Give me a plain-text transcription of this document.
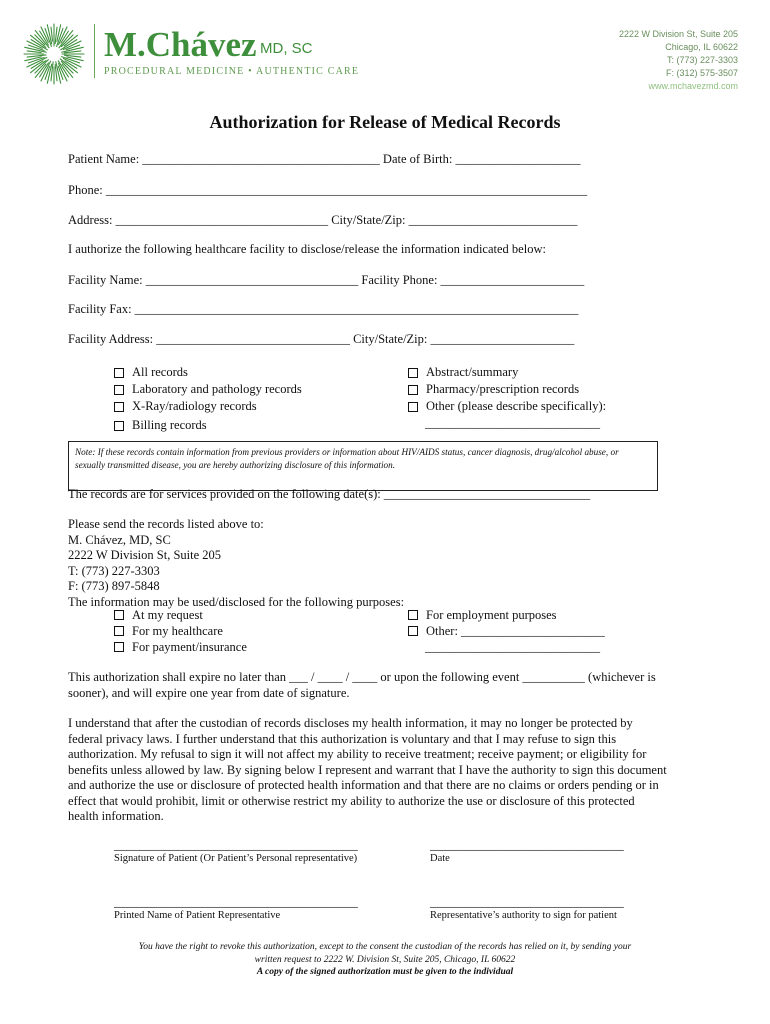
M.Chávez MD, SC
PROCEDURAL MEDICINE • AUTHENTIC CARE
2222 W Division St, Suite 205
Chicago, IL 60622
T: (773) 227-3303
F: (312) 575-3507
www.mchavezmd.com
Authorization for Release of Medical Records
Patient Name: ______________________________________ Date of Birth: ____________________
Phone: _____________________________________________________________________________
Address: __________________________________ City/State/Zip: ___________________________
I authorize the following healthcare facility to disclose/release the information indicated below:
Facility Name: __________________________________ Facility Phone: _______________________
Facility Fax: _______________________________________________________________________
Facility Address: _______________________________ City/State/Zip: _______________________
All records
Laboratory and pathology records
X-Ray/radiology records
Billing records
Abstract/summary
Pharmacy/prescription records
Other (please describe specifically):
____________________________
Note: If these records contain information from previous providers or information about HIV/AIDS status, cancer diagnosis, drug/alcohol abuse, or sexually transmitted disease, you are hereby authorizing disclosure of this information.
The records are for services provided on the following date(s): _________________________________
Please send the records listed above to:
M. Chávez, MD, SC
2222 W Division St, Suite 205
T: (773) 227-3303
F: (773) 897-5848
The information may be used/disclosed for the following purposes:
At my request
For my healthcare
For payment/insurance
For employment purposes
Other: _______________________
____________________________
This authorization shall expire no later than ___ / ____ / ____ or upon the following event __________ (whichever is sooner), and will expire one year from date of signature.
I understand that after the custodian of records discloses my health information, it may no longer be protected by federal privacy laws. I further understand that this authorization is voluntary and that I may refuse to sign this authorization. My refusal to sign it will not affect my ability to receive treatment; receive payment; or eligibility for benefits unless allowed by law. By signing below I represent and warrant that I have the authority to sign this document and authorize the use or disclosure of protected health information and that there are no claims or orders pending or in effect that would prohibit, limit or otherwise restrict my ability to authorize the use or disclosure of this protected health information.
_______________________________________	_______________________________
Signature of Patient (Or Patient’s Personal representative)	Date
_______________________________________	_______________________________
Printed Name of Patient Representative	Representative’s authority to sign for patient
You have the right to revoke this authorization, except to the consent the custodian of the records has relied on it, by sending your
written request to 2222 W. Division St, Suite 205, Chicago, IL 60622
A copy of the signed authorization must be given to the individual
